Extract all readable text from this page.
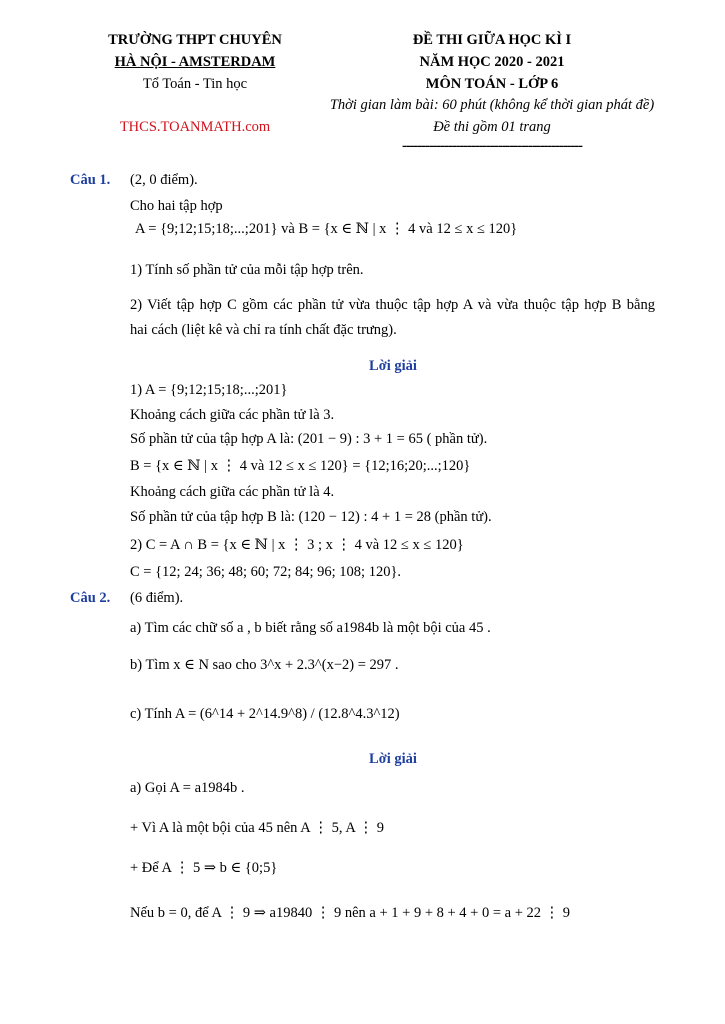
TRƯỜNG THPT CHUYÊN
HÀ NỘI - AMSTERDAM
Tổ Toán - Tin học
THCS.TOANMATH.com
ĐỀ THI GIỮA HỌC KÌ I
NĂM HỌC 2020 - 2021
MÔN TOÁN - LỚP 6
Thời gian làm bài: 60 phút (không kể thời gian phát đề)
Đề thi gồm 01 trang
-----------------------------------------------
Câu 1. (2, 0 điểm).
Cho hai tập hợp
A = {9;12;15;18;...;201} và B = {x ∈ ℕ | x ⋮ 4 và 12 ≤ x ≤ 120}
1) Tính số phần tử của mỗi tập hợp trên.
2) Viết tập hợp C gồm các phần tử vừa thuộc tập hợp A và vừa thuộc tập hợp B bằng
hai cách (liệt kê và chỉ ra tính chất đặc trưng).
Lời giải
1) A = {9;12;15;18;...;201}
Khoảng cách giữa các phần tử là 3.
Số phần tử của tập hợp A là: (201 − 9) : 3 + 1 = 65 ( phần tử).
B = {x ∈ ℕ | x ⋮ 4 và 12 ≤ x ≤ 120} = {12;16;20;...;120}
Khoảng cách giữa các phần tử là 4.
Số phần tử của tập hợp B là: (120 − 12) : 4 + 1 = 28 (phần tử).
2) C = A ∩ B = {x ∈ ℕ | x ⋮ 3 ; x ⋮ 4 và 12 ≤ x ≤ 120}
C = {12; 24; 36; 48; 60; 72; 84; 96; 108; 120}.
Câu 2. (6 điểm).
a) Tìm các chữ số a , b biết rằng số a1984b là một bội của 45 .
b) Tìm x ∈ N sao cho 3^x + 2.3^(x−2) = 297 .
c) Tính A = (6^14 + 2^14.9^8) / (12.8^4.3^12)
Lời giải
a) Gọi A = a1984b .
+ Vì A là một bội của 45 nên A ⋮ 5, A ⋮ 9
+ Để A ⋮ 5 ⇒ b ∈ {0;5}
Nếu b = 0, để A ⋮ 9 ⇒ a19840 ⋮ 9 nên a + 1 + 9 + 8 + 4 + 0 = a + 22 ⋮ 9
